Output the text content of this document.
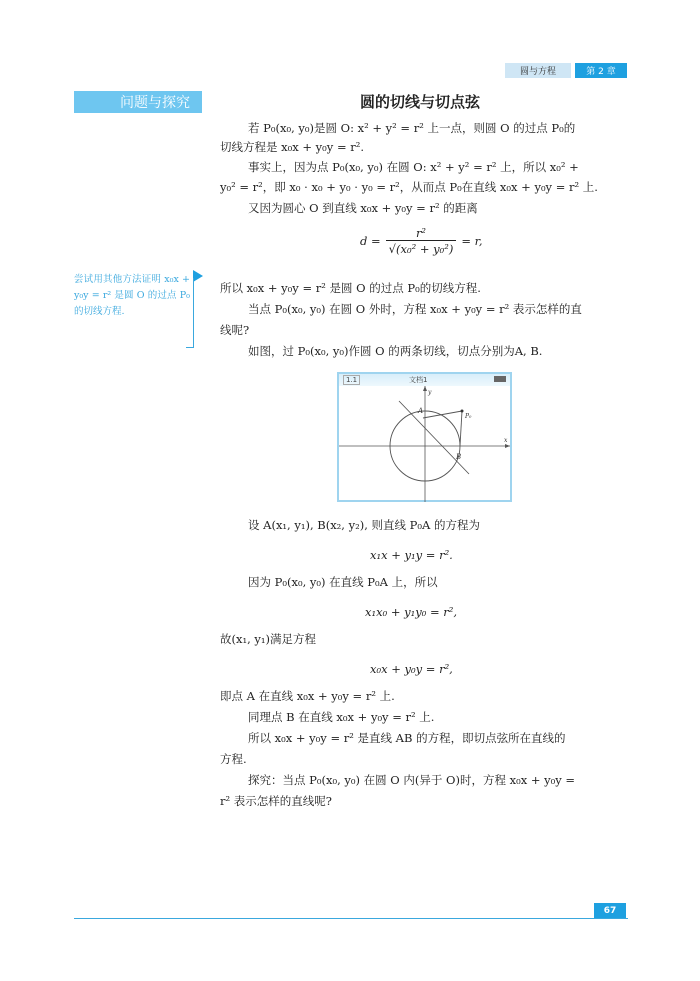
圆与方程	第 2 章
问题与探究	圆的切线与切点弦
若 P₀(x₀, y₀)是圆 O: x² + y² = r² 上一点，则圆 O 的过点 P₀的
切线方程是 x₀x + y₀y = r².
事实上，因为点 P₀(x₀, y₀) 在圆 O: x² + y² = r² 上，所以 x₀² +
y₀² = r²，即 x₀ · x₀ + y₀ · y₀ = r²，从而点 P₀在直线 x₀x + y₀y = r² 上.
又因为圆心 O 到直线 x₀x + y₀y = r² 的距离
$d = \frac{\text{r²}}{\text{√(x₀² + y₀²)}} = r$,
所以 x₀x + y₀y = r² 是圆 O 的过点 P₀的切线方程.
当点 P₀(x₀, y₀) 在圆 O 外时，方程 x₀x + y₀y = r² 表示怎样的直
线呢?
如图，过 P₀(x₀, y₀)作圆 O 的两条切线，切点分别为A, B.
尝试用其他方法证明 x₀x + y₀y = r² 是圆 O 的过点 P₀ 的切线方程.
1.1	文档1
A
B
P₀
y
x
设 A(x₁, y₁), B(x₂, y₂), 则直线 P₀A 的方程为
x₁x + y₁y = r².
因为 P₀(x₀, y₀) 在直线 P₀A 上，所以
x₁x₀ + y₁y₀ = r²,
故(x₁, y₁)满足方程
x₀x + y₀y = r²,
即点 A 在直线 x₀x + y₀y = r² 上.
同理点 B 在直线 x₀x + y₀y = r² 上.
所以 x₀x + y₀y = r² 是直线 AB 的方程，即切点弦所在直线的
方程.
探究：当点 P₀(x₀, y₀) 在圆 O 内(异于 O)时，方程 x₀x + y₀y =
r² 表示怎样的直线呢?
67
